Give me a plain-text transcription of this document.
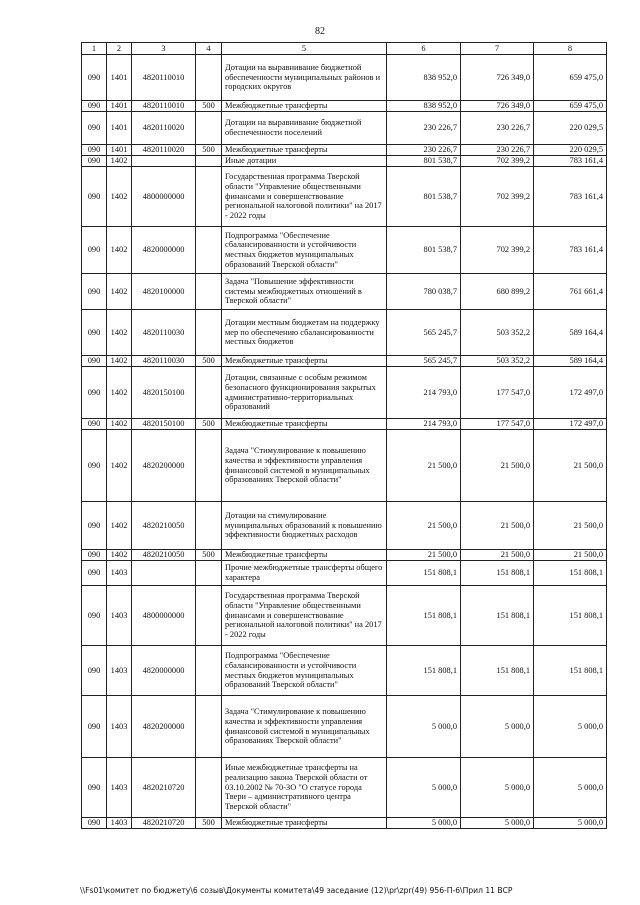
82
1	2	3	4	5	6	7	8
090	1401	4820110010		Дотации на выравнивание бюджетной обеспеченности муниципальных районов и городских округов	838 952,0	726 349,0	659 475,0
090	1401	4820110010	500	Межбюджетные трансферты	838 952,0	726 349,0	659 475,0
090	1401	4820110020		Дотации на выравнивание бюджетной обеспеченности поселений	230 226,7	230 226,7	220 029,5
090	1401	4820110020	500	Межбюджетные трансферты	230 226,7	230 226,7	220 029,5
090	1402			Иные дотации	801 538,7	702 399,2	783 161,4
090	1402	4800000000		Государственная программа Тверской области "Управление общественными финансами и совершенствование региональной налоговой политики" на 2017 - 2022 годы	801 538,7	702 399,2	783 161,4
090	1402	4820000000		Подпрограмма "Обеспечение сбалансированности и устойчивости местных бюджетов муниципальных образований Тверской области"	801 538,7	702 399,2	783 161,4
090	1402	4820100000		Задача "Повышение эффективности системы межбюджетных отношений в Тверской области"	780 038,7	680 899,2	761 661,4
090	1402	4820110030		Дотации местным бюджетам на поддержку мер по обеспечению сбалансированности местных бюджетов	565 245,7	503 352,2	589 164,4
090	1402	4820110030	500	Межбюджетные трансферты	565 245,7	503 352,2	589 164,4
090	1402	4820150100		Дотации, связанные с особым режимом безопасного функционирования закрытых административно-территориальных образований	214 793,0	177 547,0	172 497,0
090	1402	4820150100	500	Межбюджетные трансферты	214 793,0	177 547,0	172 497,0
090	1402	4820200000		Задача "Стимулирование к повышению качества и эффективности управления финансовой системой в муниципальных образованиях Тверской области"	21 500,0	21 500,0	21 500,0
090	1402	4820210050		Дотации на стимулирование муниципальных образований к повышению эффективности бюджетных расходов	21 500,0	21 500,0	21 500,0
090	1402	4820210050	500	Межбюджетные трансферты	21 500,0	21 500,0	21 500,0
090	1403			Прочие межбюджетные трансферты общего характера	151 808,1	151 808,1	151 808,1
090	1403	4800000000		Государственная программа Тверской области "Управление общественными финансами и совершенствование региональной налоговой политики" на 2017 - 2022 годы	151 808,1	151 808,1	151 808,1
090	1403	4820000000		Подпрограмма "Обеспечение сбалансированности и устойчивости местных бюджетов муниципальных образований Тверской области"	151 808,1	151 808,1	151 808,1
090	1403	4820200000		Задача "Стимулирование к повышению качества и эффективности управления финансовой системой в муниципальных образованиях Тверской области"	5 000,0	5 000,0	5 000,0
090	1403	4820210720		Иные межбюджетные трансферты на реализацию закона Тверской области от 03.10.2002 № 70-ЗО "О статусе города Твери – административного центра Тверской области"	5 000,0	5 000,0	5 000,0
090	1403	4820210720	500	Межбюджетные трансферты	5 000,0	5 000,0	5 000,0
\\Fs01\комитет по бюджету\6 созыв\Документы комитета\49 заседание (12)\pr\zpr(49) 956-П-6\Прил 11 ВСР
